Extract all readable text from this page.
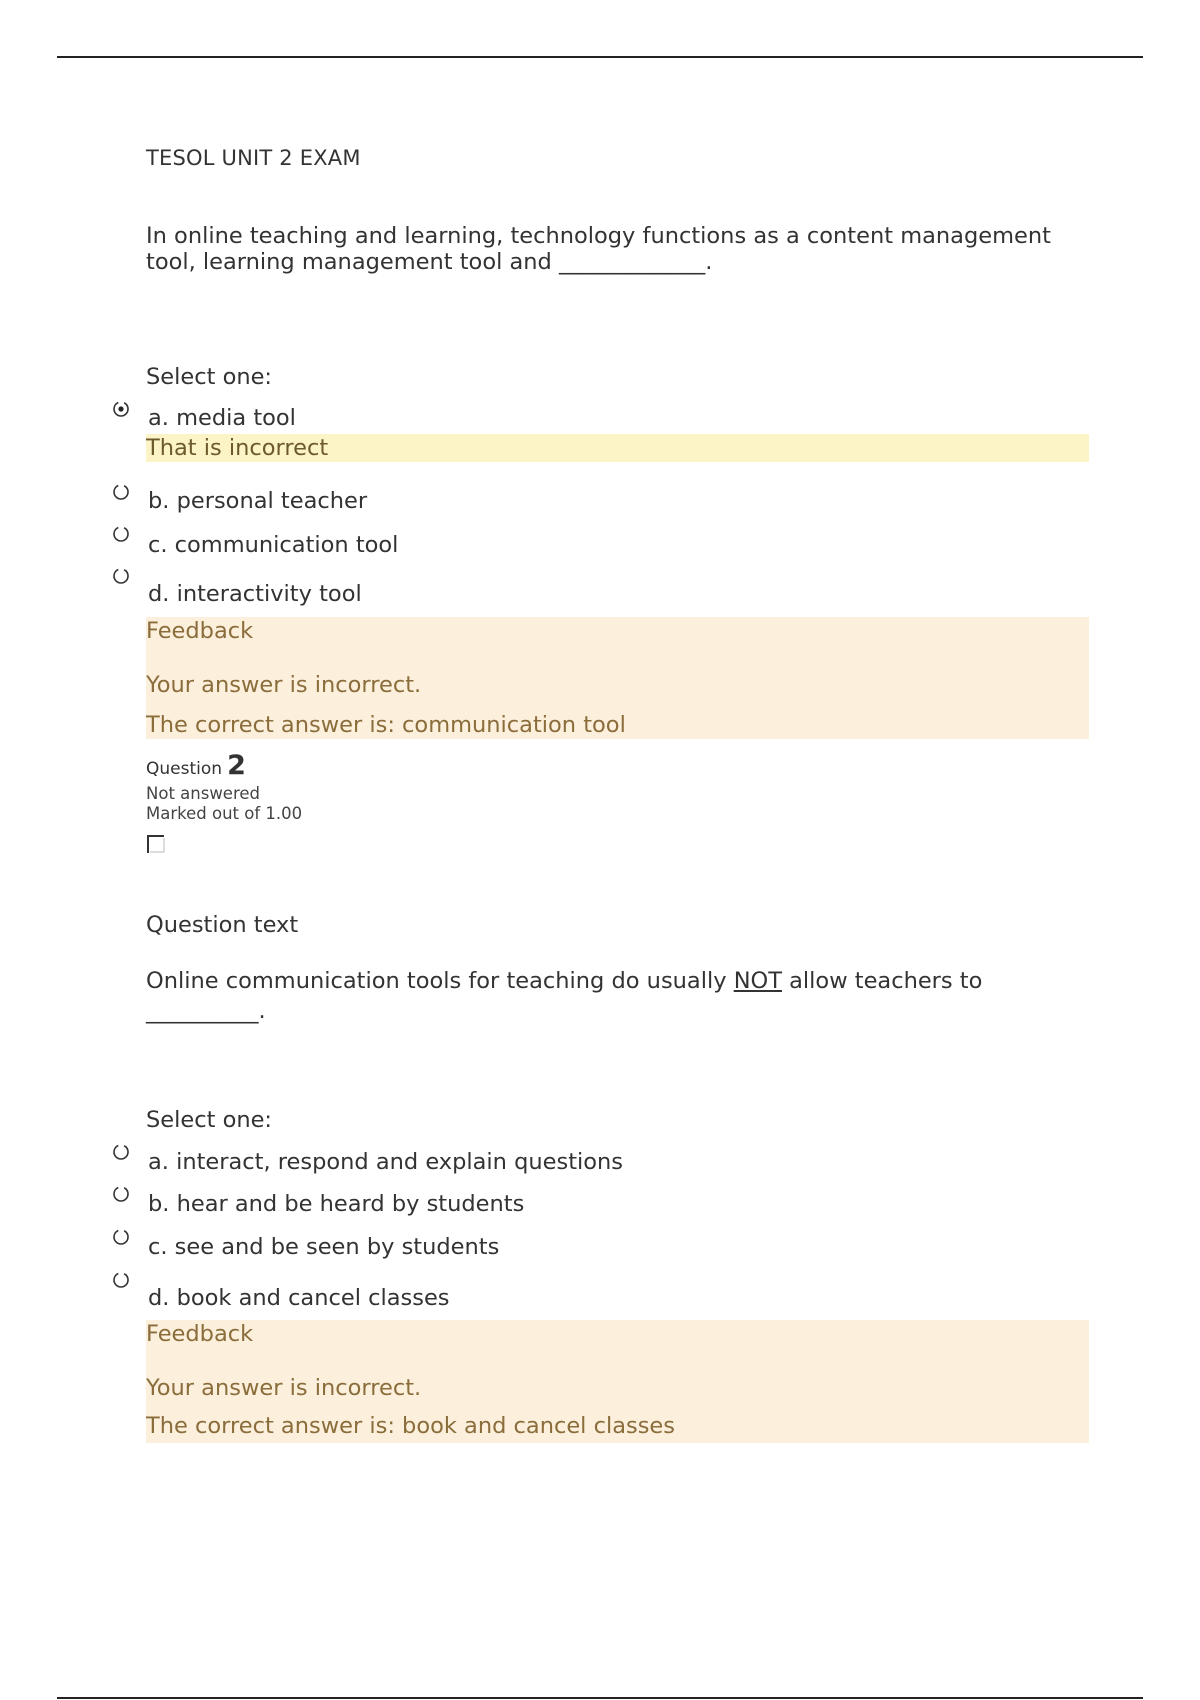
TESOL UNIT 2 EXAM
In online teaching and learning, technology functions as a content management tool, learning management tool and _____________.
Select one:
a. media tool
That is incorrect
b. personal teacher
c. communication tool
d. interactivity tool
Feedback
Your answer is incorrect.
The correct answer is: communication tool
Question 2
Not answered
Marked out of 1.00
Question text
Online communication tools for teaching do usually NOT allow teachers to __________.
Select one:
a. interact, respond and explain questions
b. hear and be heard by students
c. see and be seen by students
d. book and cancel classes
Feedback
Your answer is incorrect.
The correct answer is: book and cancel classes
